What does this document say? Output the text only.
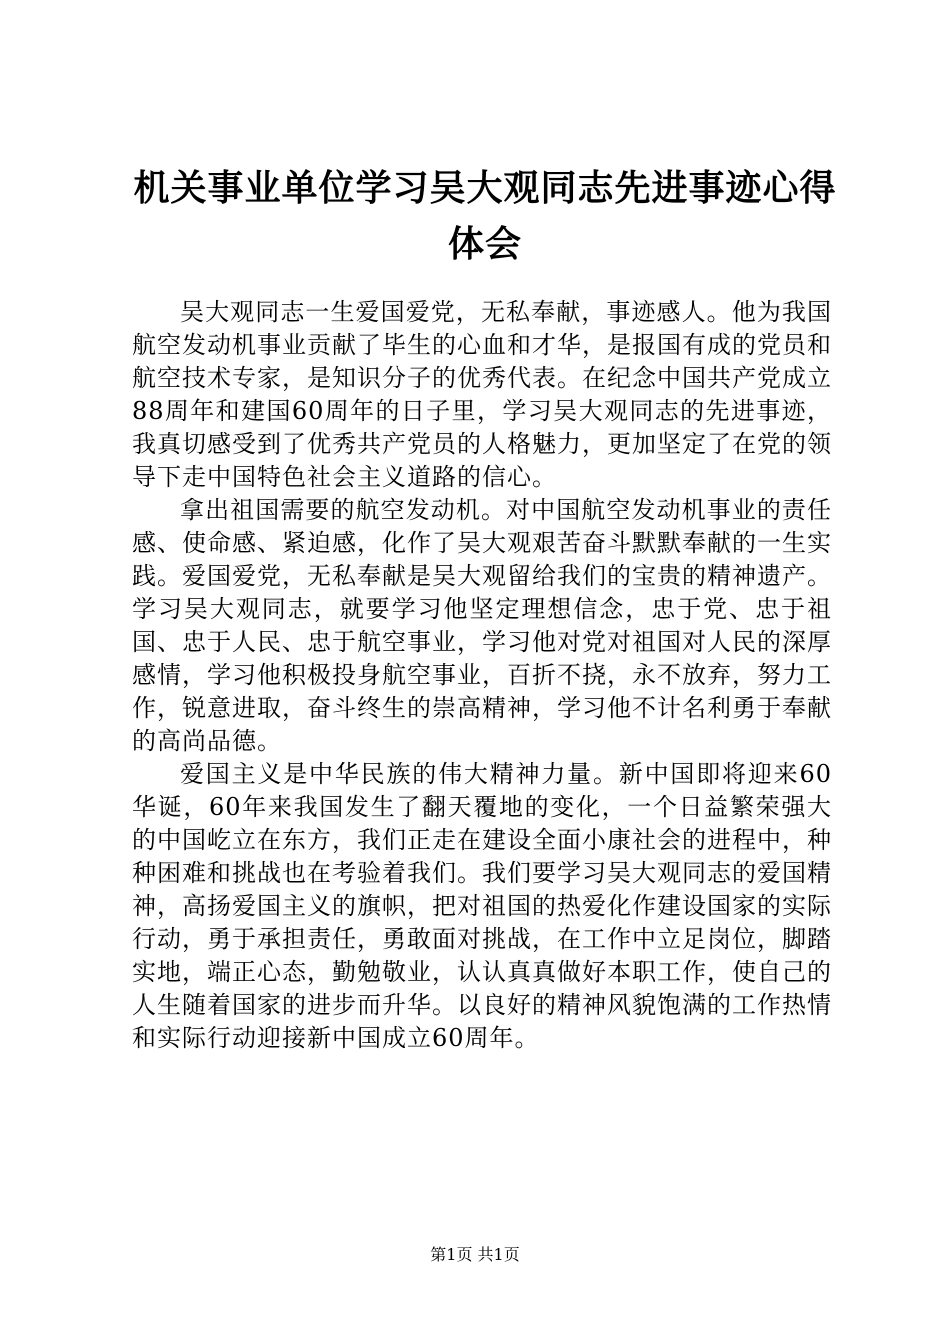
机关事业单位学习吴大观同志先进事迹心得体会

吴大观同志一生爱国爱党，无私奉献，事迹感人。他为我国航空发动机事业贡献了毕生的心血和才华，是报国有成的党员和航空技术专家，是知识分子的优秀代表。在纪念中国共产党成立88周年和建国60周年的日子里，学习吴大观同志的先进事迹，我真切感受到了优秀共产党员的人格魅力，更加坚定了在党的领导下走中国特色社会主义道路的信心。

拿出祖国需要的航空发动机。对中国航空发动机事业的责任感、使命感、紧迫感，化作了吴大观艰苦奋斗默默奉献的一生实践。爱国爱党，无私奉献是吴大观留给我们的宝贵的精神遗产。学习吴大观同志，就要学习他坚定理想信念，忠于党、忠于祖国、忠于人民、忠于航空事业，学习他对党对祖国对人民的深厚感情，学习他积极投身航空事业，百折不挠，永不放弃，努力工作，锐意进取，奋斗终生的崇高精神，学习他不计名利勇于奉献的高尚品德。

爱国主义是中华民族的伟大精神力量。新中国即将迎来60华诞，60年来我国发生了翻天覆地的变化，一个日益繁荣强大的中国屹立在东方，我们正走在建设全面小康社会的进程中，种种困难和挑战也在考验着我们。我们要学习吴大观同志的爱国精神，高扬爱国主义的旗帜，把对祖国的热爱化作建设国家的实际行动，勇于承担责任，勇敢面对挑战，在工作中立足岗位，脚踏实地，端正心态，勤勉敬业，认认真真做好本职工作，使自己的人生随着国家的进步而升华。以良好的精神风貌饱满的工作热情和实际行动迎接新中国成立60周年。

第1页 共1页
